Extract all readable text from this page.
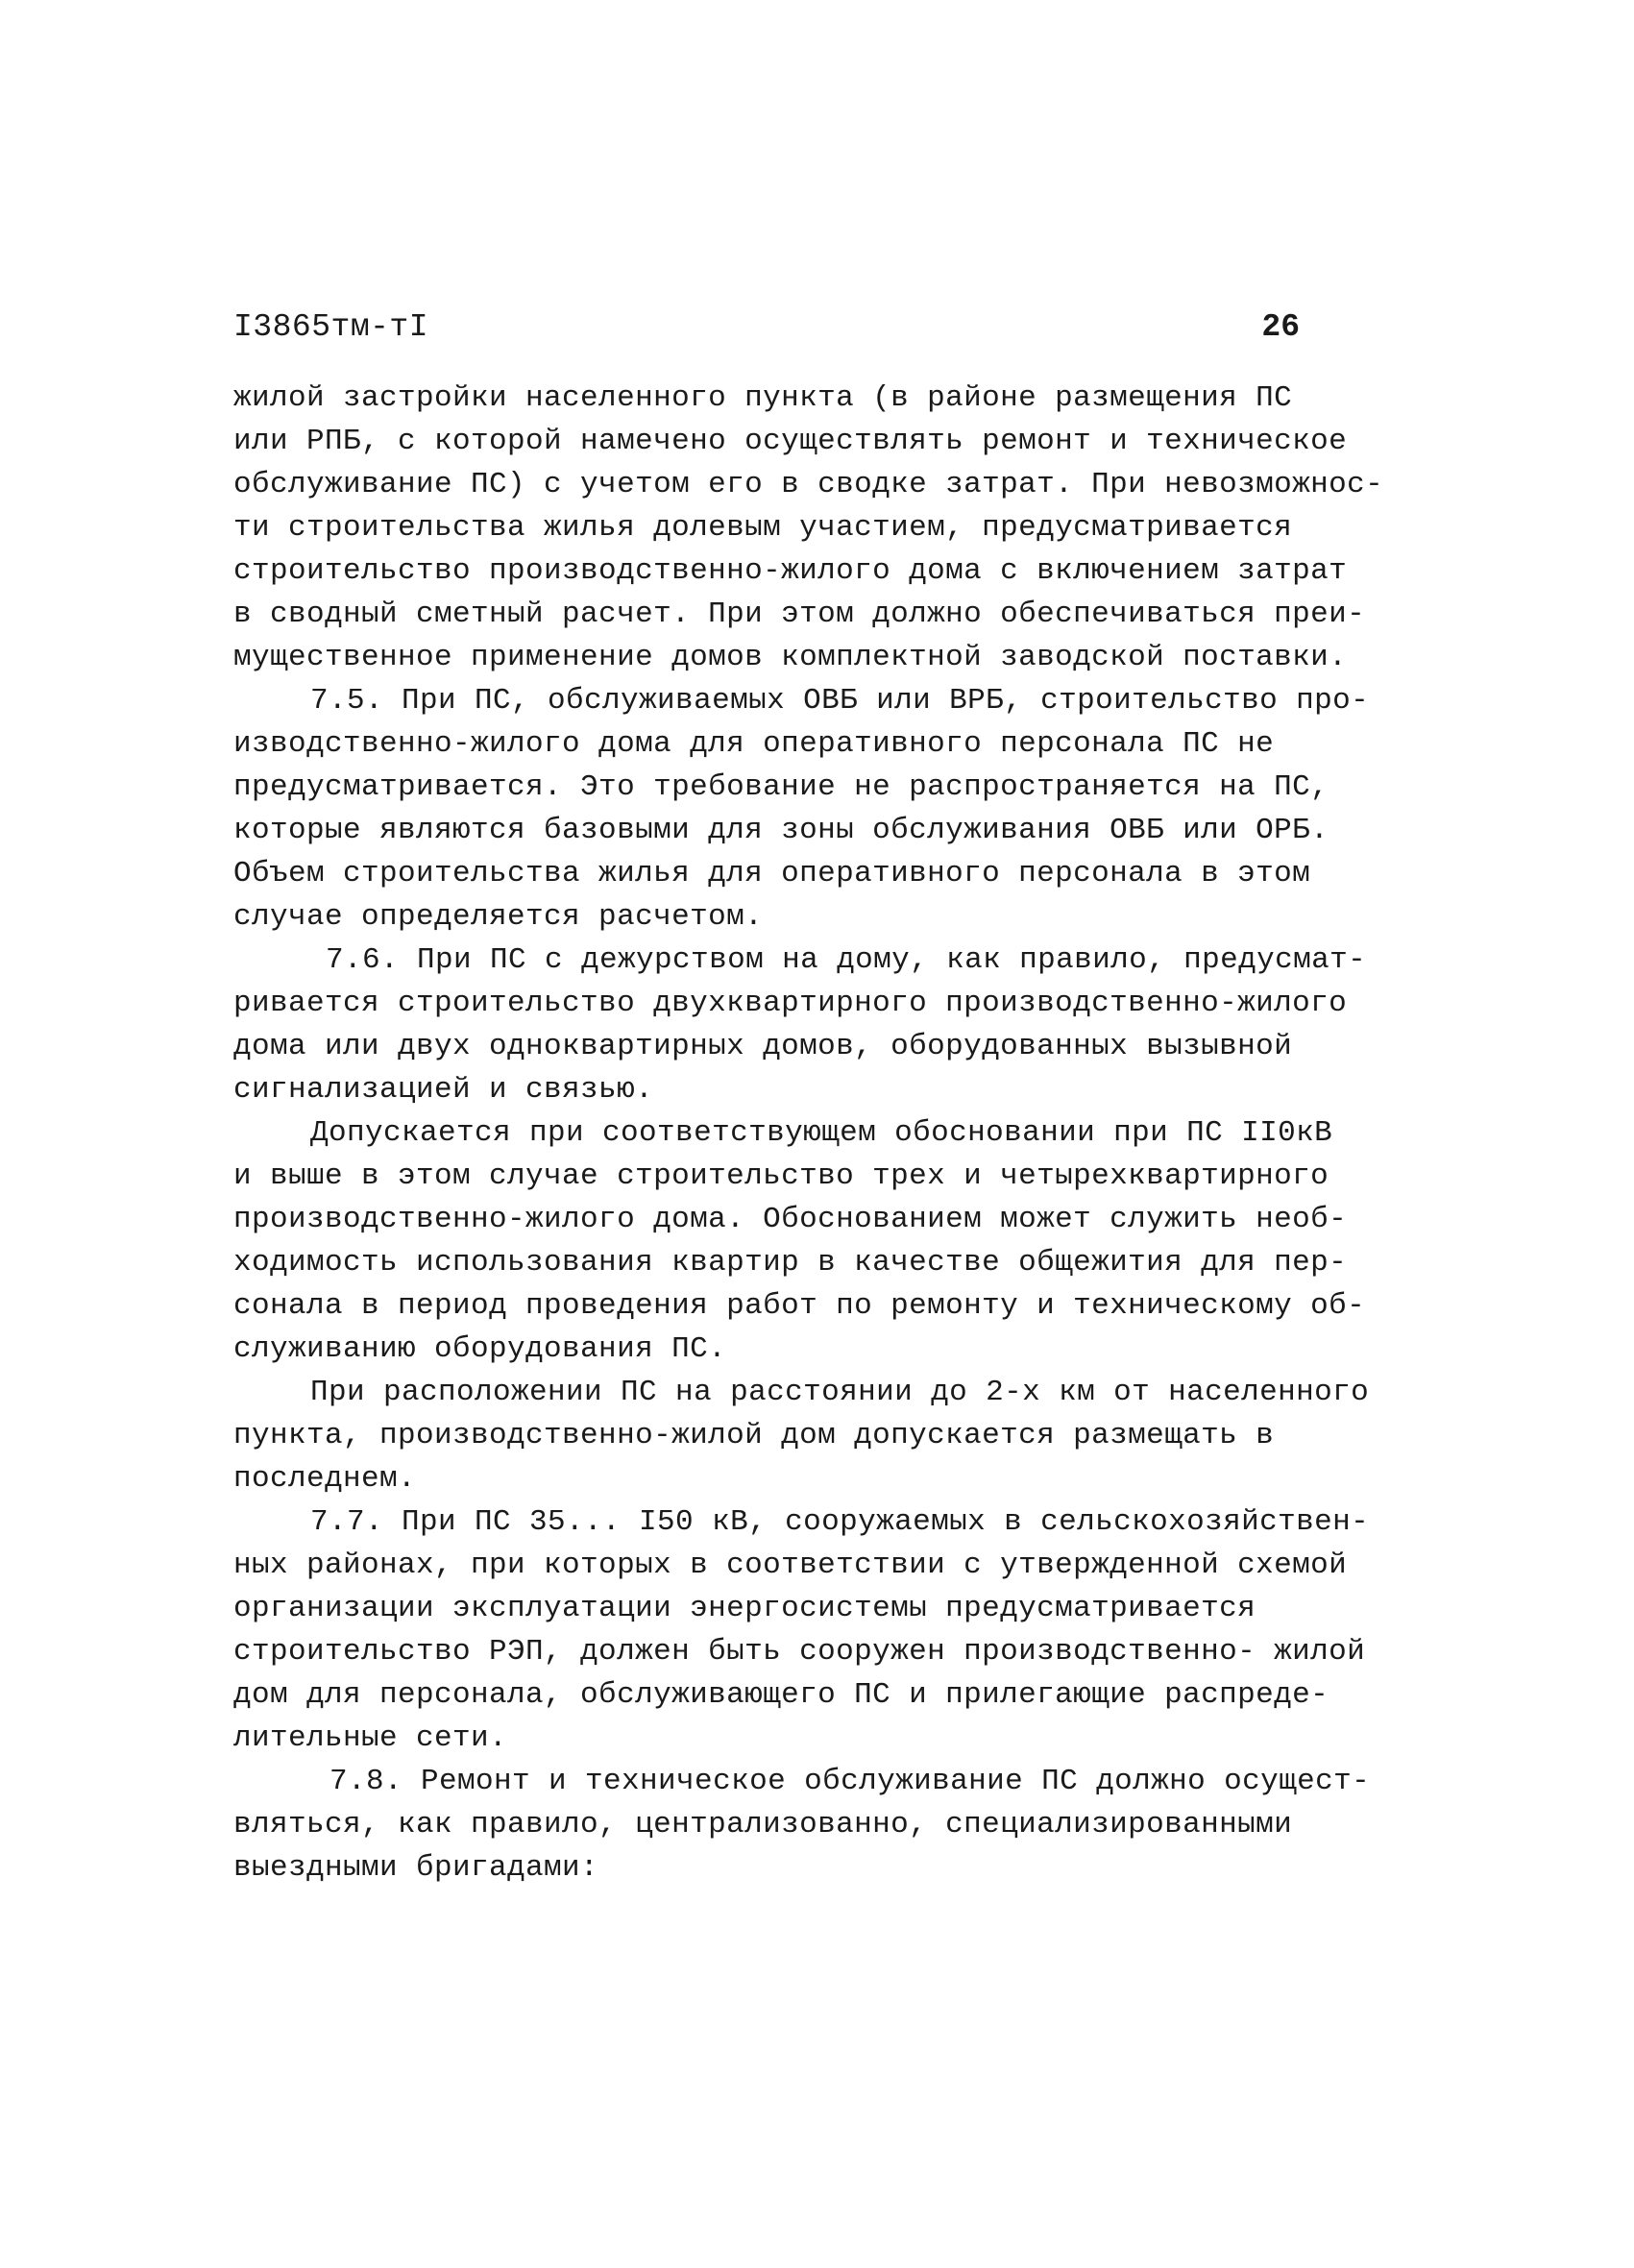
I3865тм-тI	26
жилой застройки населенного пункта (в районе размещения ПС
или РПБ, с которой намечено осуществлять ремонт и техническое
обслуживание ПС) с учетом его в сводке затрат. При невозможнос-
ти строительства жилья долевым участием, предусматривается
строительство производственно-жилого дома с включением затрат
в сводный сметный расчет. При этом должно обеспечиваться преи-
мущественное применение домов комплектной заводской поставки.
7.5. При ПС, обслуживаемых ОВБ или ВРБ, строительство про-
изводственно-жилого дома для оперативного персонала ПС не
предусматривается. Это требование не распространяется на ПС,
которые являются базовыми для зоны обслуживания ОВБ или ОРБ.
Объем строительства жилья для оперативного персонала в этом
случае определяется расчетом.
7.6. При ПС с дежурством на дому, как правило, предусмат-
ривается строительство двухквартирного производственно-жилого
дома или двух одноквартирных домов, оборудованных вызывной
сигнализацией и связью.
Допускается при соответствующем обосновании при ПС II0кВ
и выше в этом случае строительство трех и четырехквартирного
производственно-жилого дома. Обоснованием может служить необ-
ходимость использования квартир в качестве общежития для пер-
сонала в период проведения работ по ремонту и техническому об-
служиванию оборудования ПС.
При расположении ПС на расстоянии до 2-х км от населенного
пункта, производственно-жилой дом допускается размещать в
последнем.
7.7. При ПС 35... I50 кВ, сооружаемых в сельскохозяйствен-
ных районах, при которых в соответствии с утвержденной схемой
организации эксплуатации энергосистемы предусматривается
строительство РЭП, должен быть сооружен производственно- жилой
дом для персонала, обслуживающего ПС и прилегающие распреде-
лительные сети.
7.8. Ремонт и техническое обслуживание ПС должно осущест-
вляться, как правило, централизованно, специализированными
выездными бригадами:
